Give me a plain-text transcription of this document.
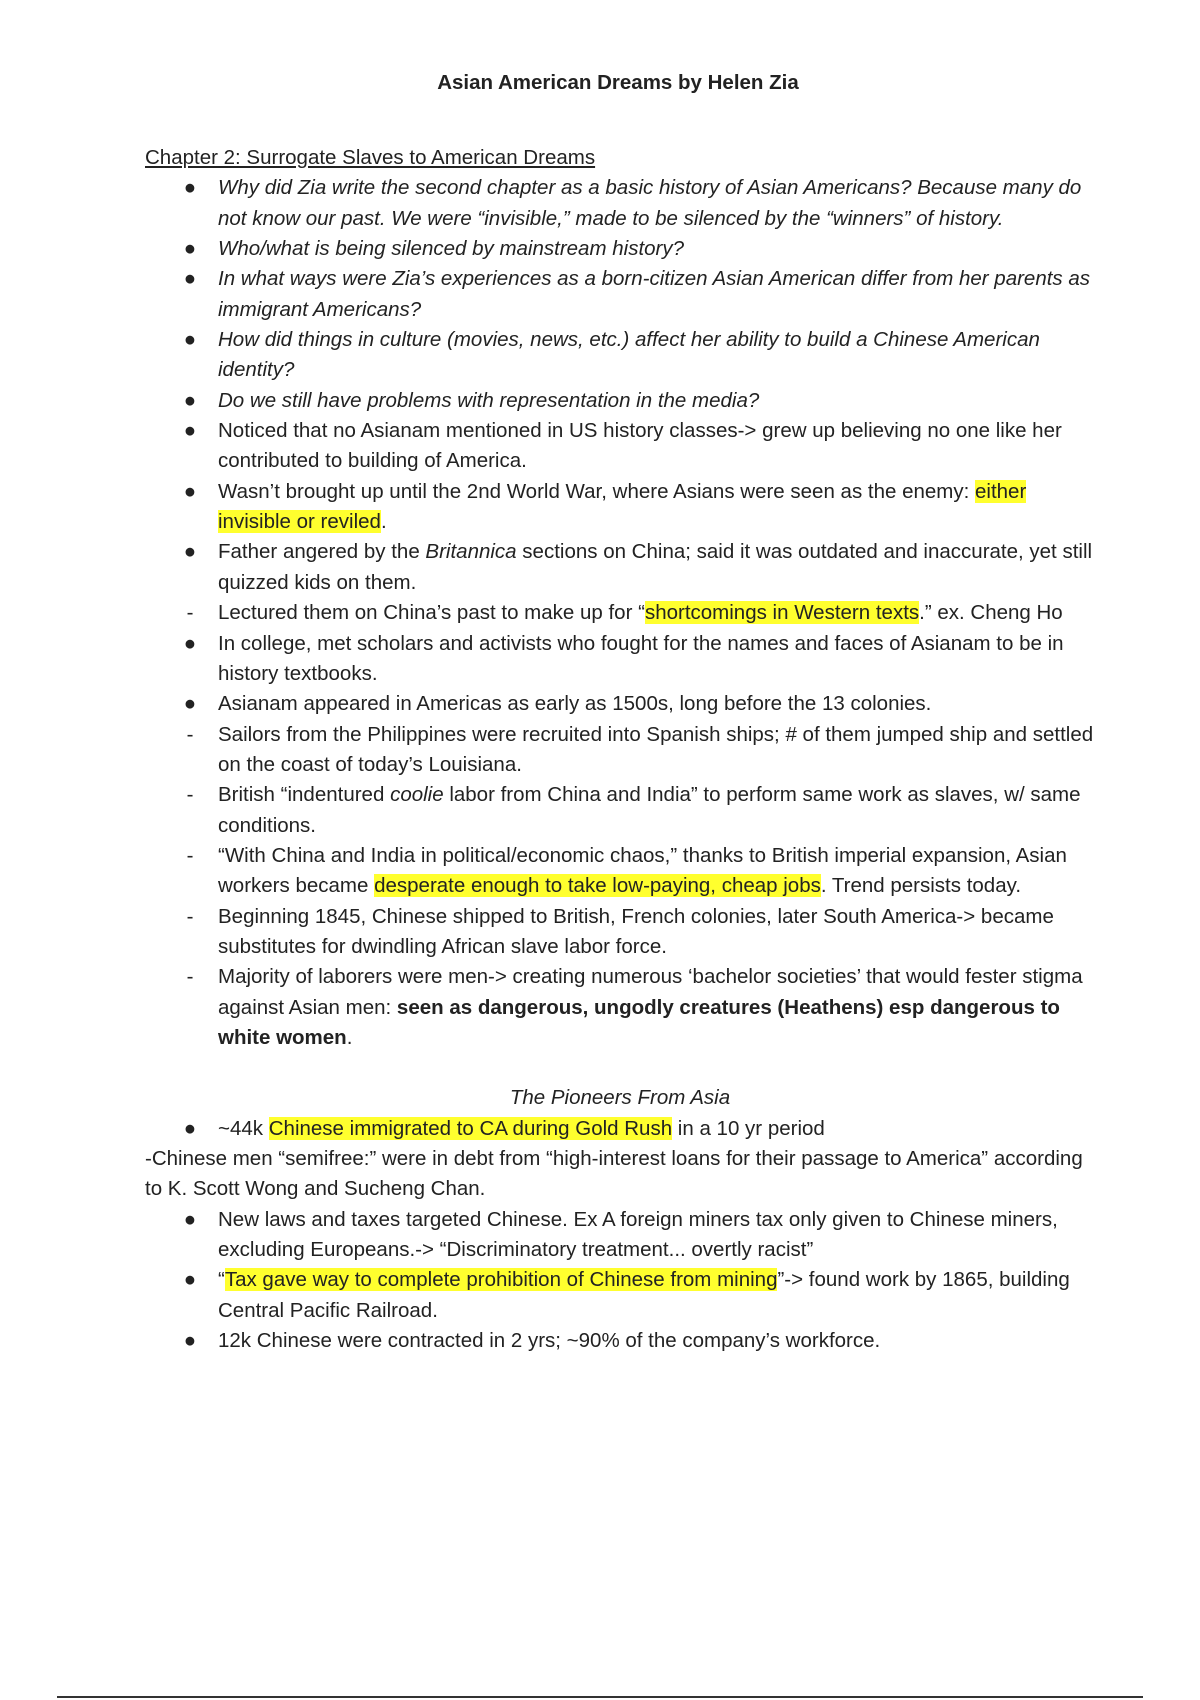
Asian American Dreams by Helen Zia

Chapter 2: Surrogate Slaves to American Dreams

● Why did Zia write the second chapter as a basic history of Asian Americans? Because many do not know our past. We were “invisible,” made to be silenced by the “winners” of history.
● Who/what is being silenced by mainstream history?
● In what ways were Zia’s experiences as a born-citizen Asian American differ from her parents as immigrant Americans?
● How did things in culture (movies, news, etc.) affect her ability to build a Chinese American identity?
● Do we still have problems with representation in the media?
● Noticed that no Asianam mentioned in US history classes-> grew up believing no one like her contributed to building of America.
● Wasn’t brought up until the 2nd World War, where Asians were seen as the enemy: either invisible or reviled.
● Father angered by the Britannica sections on China; said it was outdated and inaccurate, yet still quizzed kids on them.
- Lectured them on China’s past to make up for “shortcomings in Western texts.” ex. Cheng Ho
● In college, met scholars and activists who fought for the names and faces of Asianam to be in history textbooks.
● Asianam appeared in Americas as early as 1500s, long before the 13 colonies.
- Sailors from the Philippines were recruited into Spanish ships; # of them jumped ship and settled on the coast of today’s Louisiana.
- British “indentured coolie labor from China and India” to perform same work as slaves, w/ same conditions.
- “With China and India in political/economic chaos,” thanks to British imperial expansion, Asian workers became desperate enough to take low-paying, cheap jobs. Trend persists today.
- Beginning 1845, Chinese shipped to British, French colonies, later South America-> became substitutes for dwindling African slave labor force.
- Majority of laborers were men-> creating numerous ‘bachelor societies’ that would fester stigma against Asian men: seen as dangerous, ungodly creatures (Heathens) esp dangerous to white women.

The Pioneers From Asia

● ~44k Chinese immigrated to CA during Gold Rush in a 10 yr period

-Chinese men “semifree:” were in debt from “high-interest loans for their passage to America” according to K. Scott Wong and Sucheng Chan.

● New laws and taxes targeted Chinese. Ex A foreign miners tax only given to Chinese miners, excluding Europeans.-> “Discriminatory treatment... overtly racist”
● “Tax gave way to complete prohibition of Chinese from mining”-> found work by 1865, building Central Pacific Railroad.
● 12k Chinese were contracted in 2 yrs; ~90% of the company’s workforce.
